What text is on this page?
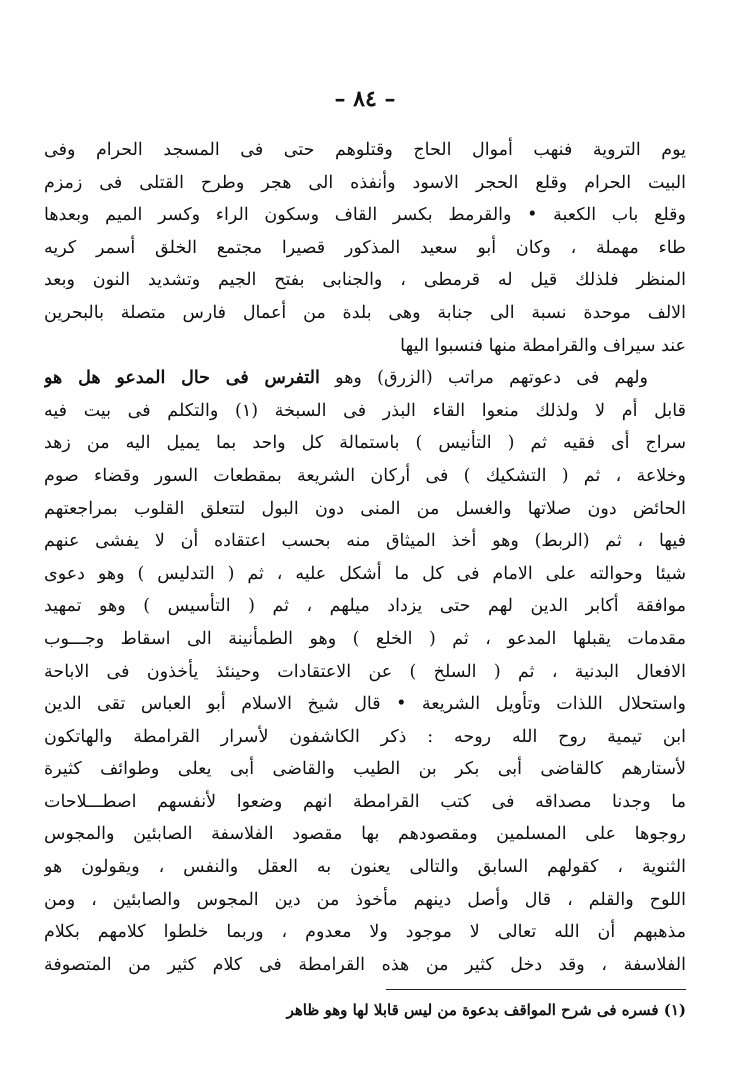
– ٨٤ –
يوم التروية فنهب أموال الحاج وقتلوهم حتى فى المسجد الحرام وفى
البيت الحرام وقلع الحجر الاسود وأنفذه الى هجر وطرح القتلى فى زمزم
وقلع باب الكعبة • والقرمط بكسر القاف وسكون الراء وكسر الميم وبعدها
طاء مهملة ، وكان أبو سعيد المذكور قصيرا مجتمع الخلق أسمر كريه
المنظر فلذلك قيل له قرمطى ، والجنابى بفتح الجيم وتشديد النون وبعد
الالف موحدة نسبة الى جنابة وهى بلدة من أعمال فارس متصلة بالبحرين
عند سيراف والقرامطة منها فنسبوا اليها
ولهم فى دعوتهم مراتب (الزرق) وهو التفرس فى حال المدعو هل هو
قابل أم لا ولذلك منعوا القاء البذر فى السبخة (١) والتكلم فى بيت فيه
سراج أى فقيه ثم ( التأنيس ) باستمالة كل واحد بما يميل اليه من زهد
وخلاعة ، ثم ( التشكيك ) فى أركان الشريعة بمقطعات السور وقضاء صوم
الحائض دون صلاتها والغسل من المنى دون البول لتتعلق القلوب بمراجعتهم
فيها ، ثم (الربط) وهو أخذ الميثاق منه بحسب اعتقاده أن لا يفشى عنهم
شيئا وحوالته على الامام فى كل ما أشكل عليه ، ثم ( التدليس ) وهو دعوى
موافقة أكابر الدين لهم حتى يزداد ميلهم ، ثم ( التأسيس ) وهو تمهيد
مقدمات يقبلها المدعو ، ثم ( الخلع ) وهو الطمأنينة الى اسقاط وجـــوب
الافعال البدنية ، ثم ( السلخ ) عن الاعتقادات وحينئذ يأخذون فى الاباحة
واستحلال اللذات وتأويل الشريعة • قال شيخ الاسلام أبو العباس تقى الدين
ابن تيمية روح الله روحه : ذكر الكاشفون لأسرار القرامطة والهاتكون
لأستارهم كالقاضى أبى بكر بن الطيب والقاضى أبى يعلى وطوائف كثيرة
ما وجدنا مصداقه فى كتب القرامطة انهم وضعوا لأنفسهم اصطـــلاحات
روجوها على المسلمين ومقصودهم بها مقصود الفلاسفة الصابئين والمجوس
الثنوية ، كقولهم السابق والتالى يعنون به العقل والنفس ، ويقولون هو
اللوح والقلم ، قال وأصل دينهم مأخوذ من دين المجوس والصابئين ، ومن
مذهبهم أن الله تعالى لا موجود ولا معدوم ، وربما خلطوا كلامهم بكلام
الفلاسفة ، وقد دخل كثير من هذه القرامطة فى كلام كثير من المتصوفة
(١) فسره فى شرح المواقف بدعوة من ليس قابلا لها وهو ظاهر
